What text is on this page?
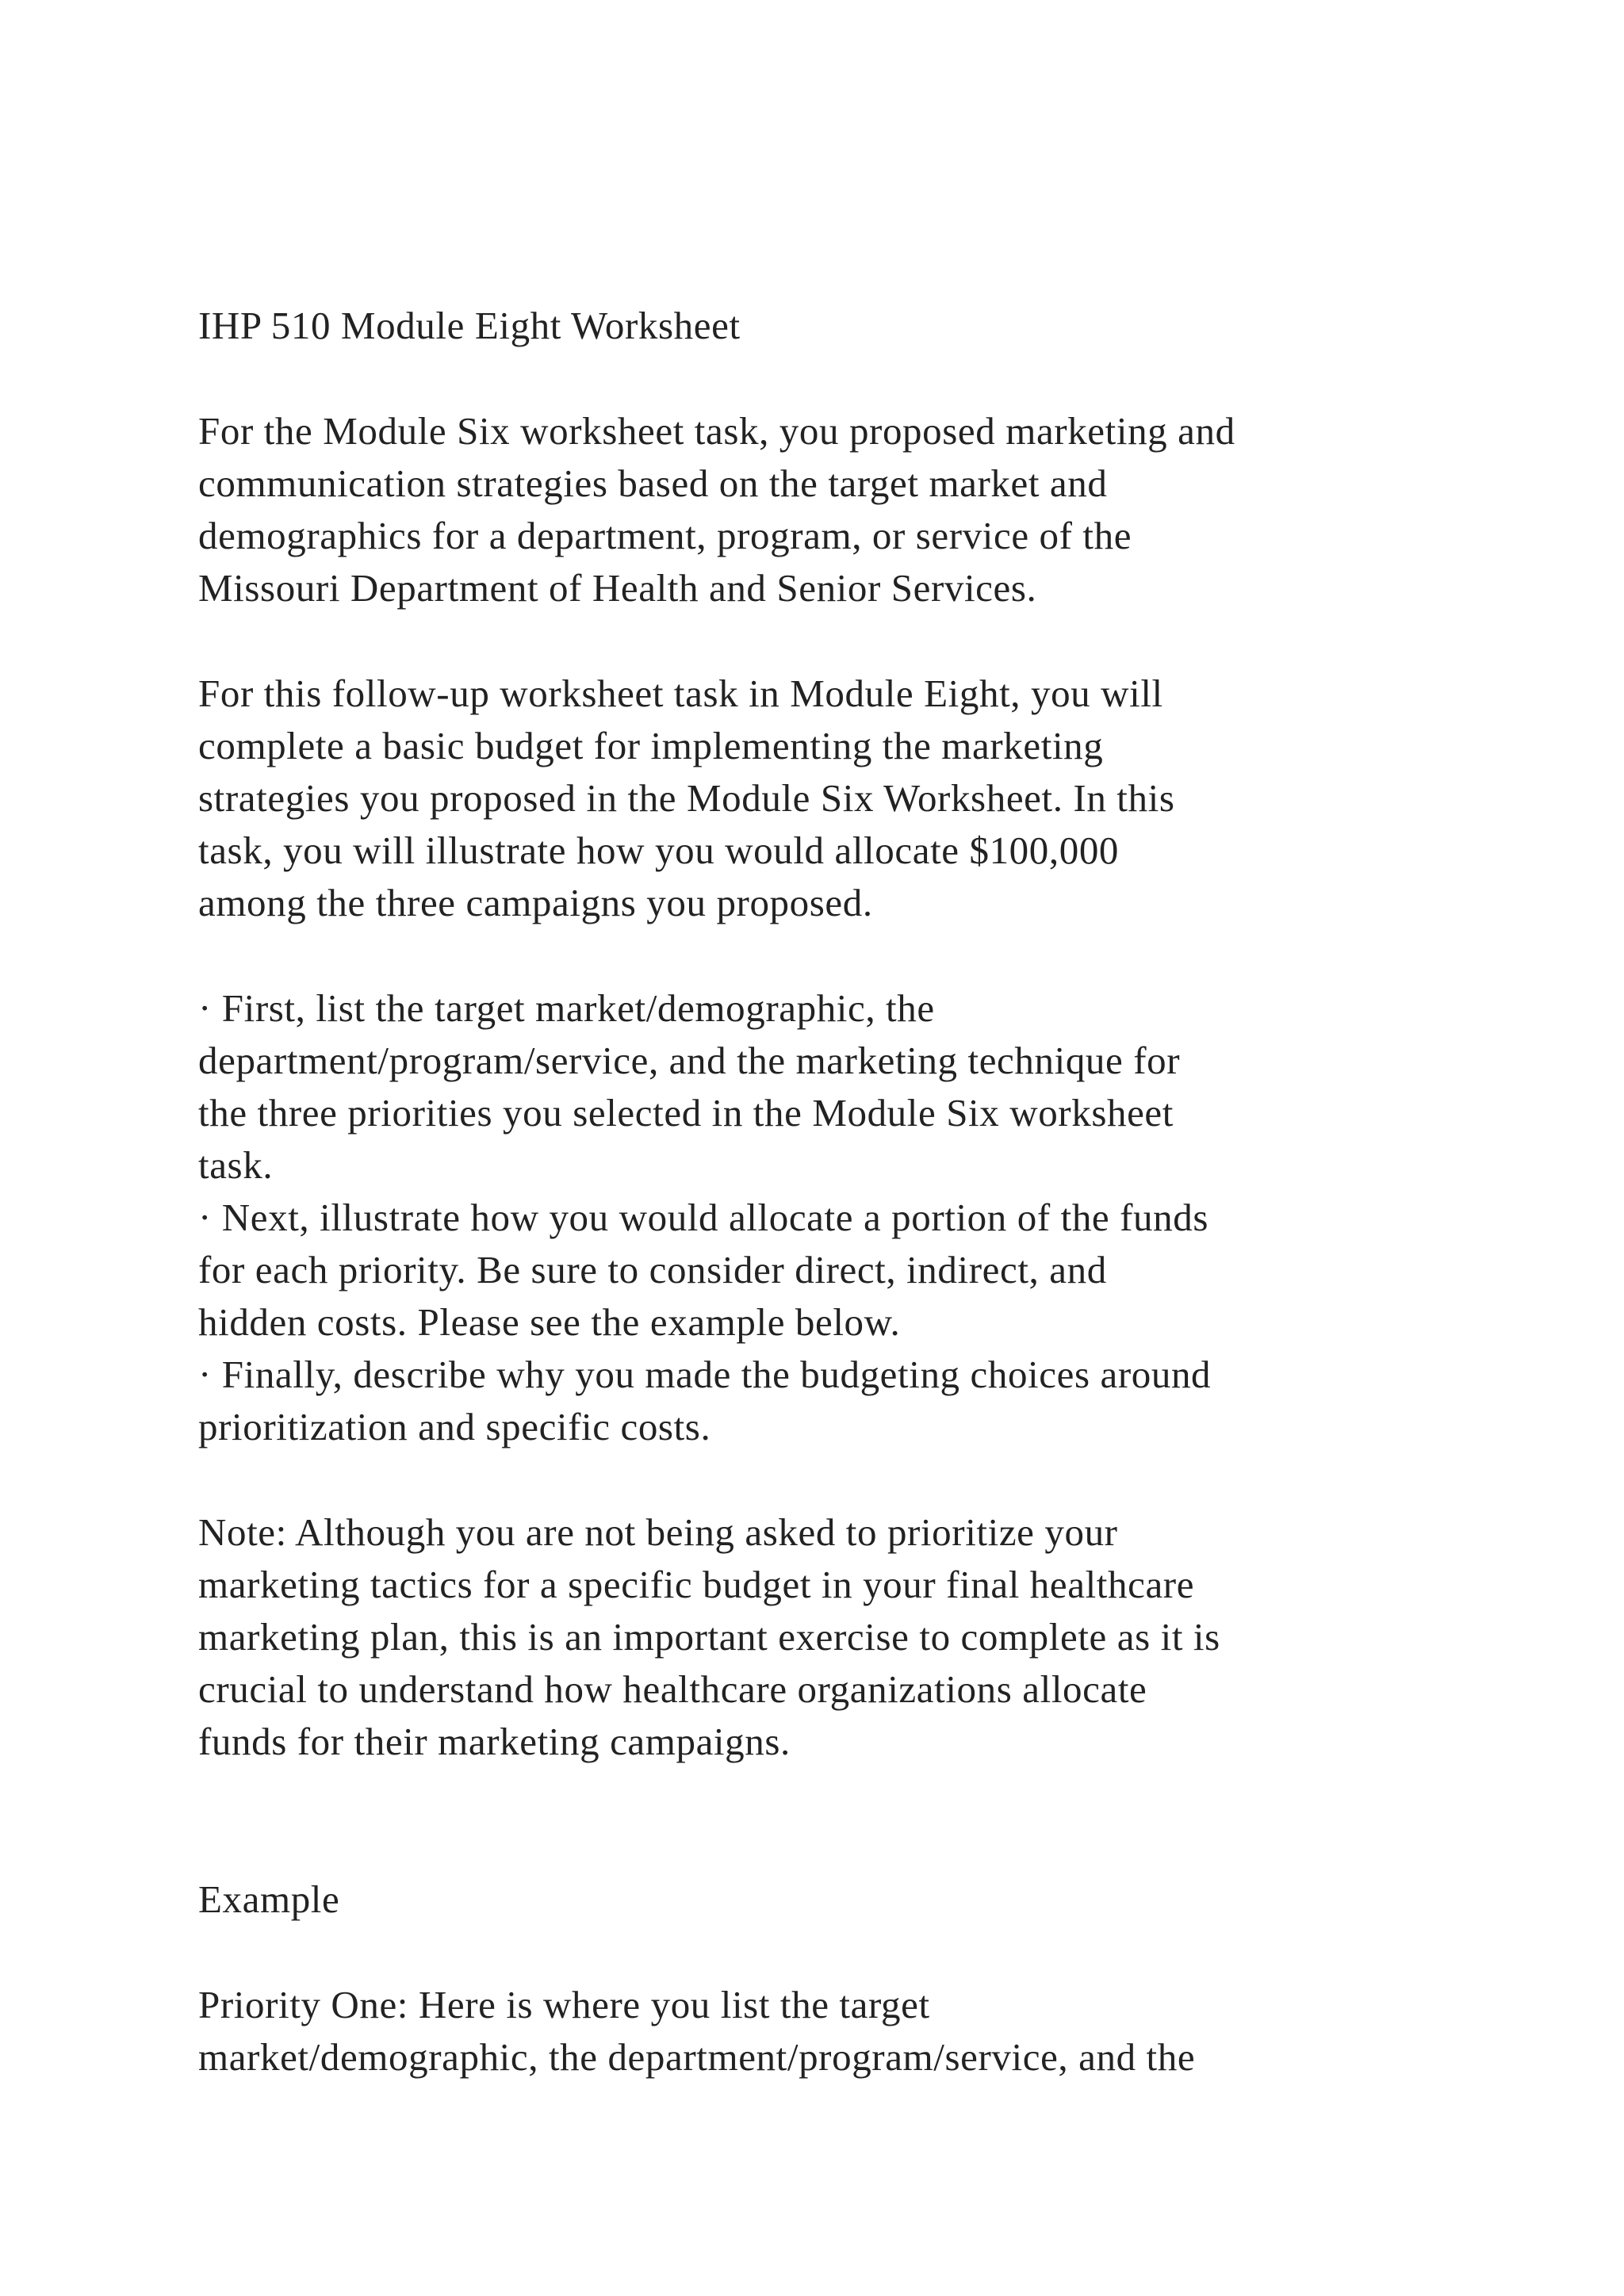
IHP 510 Module Eight Worksheet
For the Module Six worksheet task, you proposed marketing and
communication strategies based on the target market and
demographics for a department, program, or service of the
Missouri Department of Health and Senior Services.
For this follow-up worksheet task in Module Eight, you will
complete a basic budget for implementing the marketing
strategies you proposed in the Module Six Worksheet. In this
task, you will illustrate how you would allocate $100,000
among the three campaigns you proposed.
· First, list the target market/demographic, the
department/program/service, and the marketing technique for
the three priorities you selected in the Module Six worksheet
task.
· Next, illustrate how you would allocate a portion of the funds
for each priority. Be sure to consider direct, indirect, and
hidden costs. Please see the example below.
· Finally, describe why you made the budgeting choices around
prioritization and specific costs.
Note: Although you are not being asked to prioritize your
marketing tactics for a specific budget in your final healthcare
marketing plan, this is an important exercise to complete as it is
crucial to understand how healthcare organizations allocate
funds for their marketing campaigns.
Example
Priority One: Here is where you list the target
market/demographic, the department/program/service, and the
